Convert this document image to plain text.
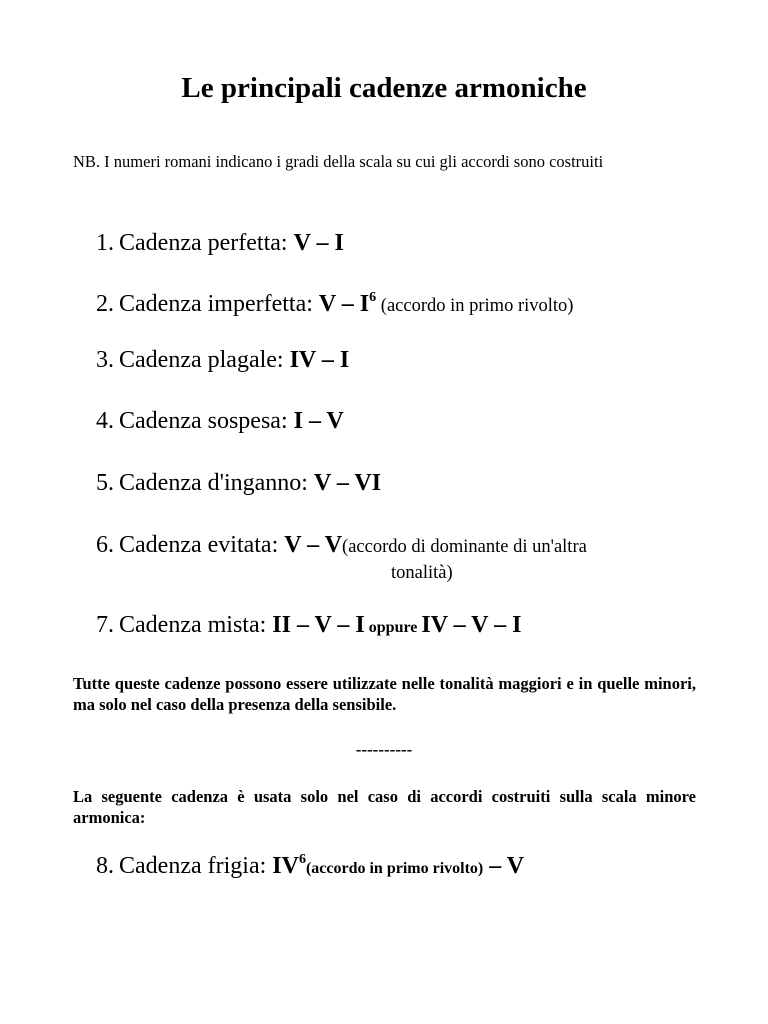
Le principali cadenze armoniche
NB. I numeri romani indicano i gradi della scala su cui gli accordi sono costruiti
1. Cadenza perfetta: V – I
2. Cadenza imperfetta: V – $I^6$ (accordo in primo rivolto)
3. Cadenza plagale: IV – I
4. Cadenza sospesa: I – V
5. Cadenza d'inganno: V – VI
6. Cadenza evitata: V – V(accordo di dominante di un'altra
tonalità)
7. Cadenza mista: II – V – I oppure IV – V – I
Tutte queste cadenze possono essere utilizzate nelle tonalità maggiori e in quelle minori, ma solo nel caso della presenza della sensibile.
----------
La seguente cadenza è usata solo nel caso di accordi costruiti sulla scala minore armonica:
8. Cadenza frigia: $IV^6(accordo$ in primo rivolto) – V
